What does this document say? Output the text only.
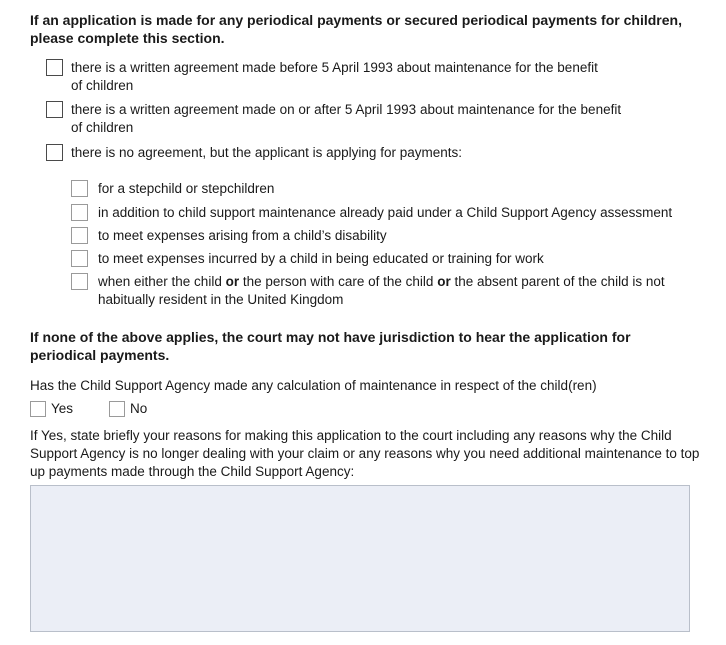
If an application is made for any periodical payments or secured periodical payments for children, please complete this section.
there is a written agreement made before 5 April 1993 about maintenance for the benefit
of children
there is a written agreement made on or after 5 April 1993 about maintenance for the benefit
of children
there is no agreement, but the applicant is applying for payments:
for a stepchild or stepchildren
in addition to child support maintenance already paid under a Child Support Agency assessment
to meet expenses arising from a child’s disability
to meet expenses incurred by a child in being educated or training for work
when either the child or the person with care of the child or the absent parent of the child is not
habitually resident in the United Kingdom
If none of the above applies, the court may not have jurisdiction to hear the application for periodical payments.
Has the Child Support Agency made any calculation of maintenance in respect of the child(ren)
Yes	No
If Yes, state briefly your reasons for making this application to the court including any reasons why the Child Support Agency is no longer dealing with your claim or any reasons why you need additional maintenance to top up payments made through the Child Support Agency:
